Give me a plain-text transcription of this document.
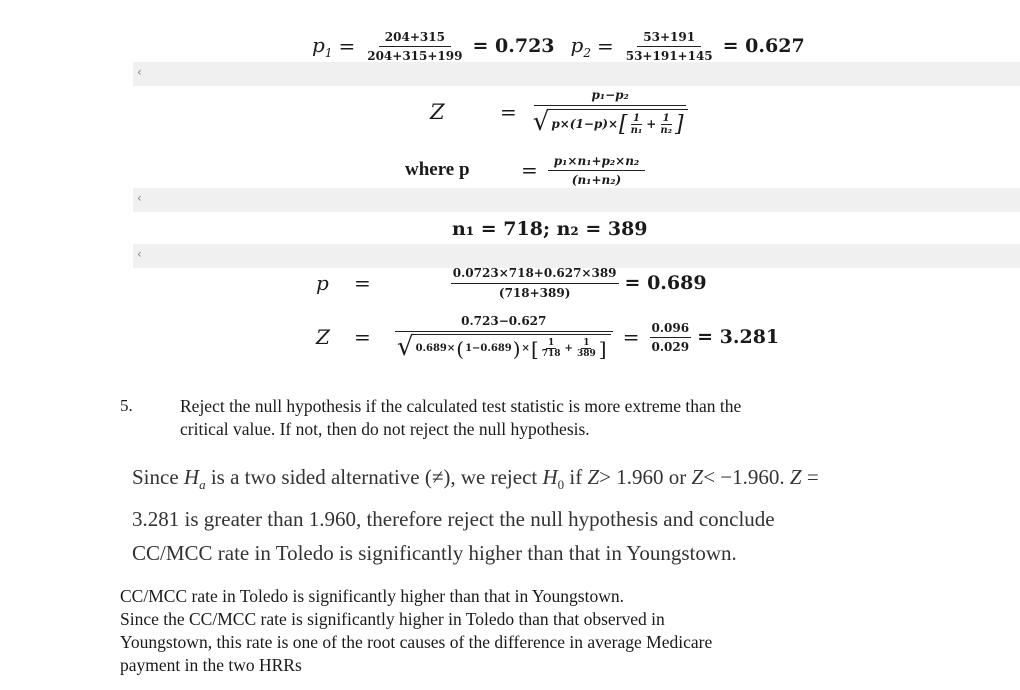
$p_1 = \frac{204+315}{204+315+199} = 0.723$ $p_2 = \frac{53+191}{53+191+145} = 0.627$
‹
Z	=
p₁−p₂
√ p×(1−p)× [ $\frac{1}{\text{n₁}} + \frac{1}{\text{n₂}}$ ]
where p	= $\frac{\text{p₁×n₁+p₂×n₂}}{\text{(n₁+n₂)}}$
‹
n₁ = 718; n₂ = 389
‹
p	=	$\frac{0.0723\times 718+0.627\times 389}{(718+389)} = 0.689$
Z	=
0.723−0.627
√ 0.689× ( 1−0.689 ) × [ $\frac{1}{718} + \frac{1}{389}$ ] = $\frac{0.096}{0.029} = 3.281$
5.	Reject the null hypothesis if the calculated test statistic is more extreme than the
critical value. If not, then do not reject the null hypothesis.
Since $H_a$ is a two sided alternative (≠), we reject $H_0$ if Z> 1.960 or Z< −1.960. Z =
3.281 is greater than 1.960, therefore reject the null hypothesis and conclude
CC/MCC rate in Toledo is significantly higher than that in Youngstown.
CC/MCC rate in Toledo is significantly higher than that in Youngstown.
Since the CC/MCC rate is significantly higher in Toledo than that observed in
Youngstown, this rate is one of the root causes of the difference in average Medicare
payment in the two HRRs
